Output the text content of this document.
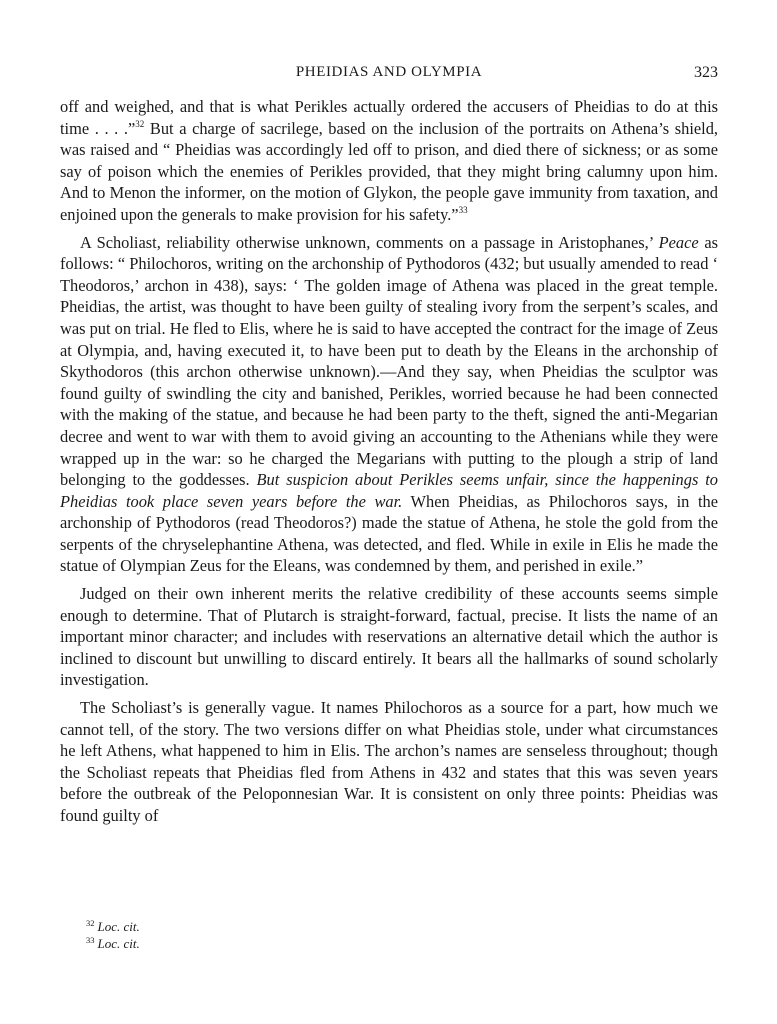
PHEIDIAS AND OLYMPIA	323

off and weighed, and that is what Perikles actually ordered the accusers of Pheidias to do at this time . . . .”$^{32}$ But a charge of sacrilege, based on the inclusion of the portraits on Athena’s shield, was raised and “ Pheidias was accordingly led off to prison, and died there of sickness; or as some say of poison which the enemies of Perikles provided, that they might bring calumny upon him. And to Menon the informer, on the motion of Glykon, the people gave immunity from taxation, and enjoined upon the generals to make provision for his safety.”$^{33}$

A Scholiast, reliability otherwise unknown, comments on a passage in Aristophanes,’ Peace as follows: “ Philochoros, writing on the archonship of Pythodoros (432; but usually amended to read ‘ Theodoros,’ archon in 438), says: ‘ The golden image of Athena was placed in the great temple. Pheidias, the artist, was thought to have been guilty of stealing ivory from the serpent’s scales, and was put on trial. He fled to Elis, where he is said to have accepted the contract for the image of Zeus at Olympia, and, having executed it, to have been put to death by the Eleans in the archonship of Skythodoros (this archon otherwise unknown).—And they say, when Pheidias the sculptor was found guilty of swindling the city and banished, Perikles, worried because he had been connected with the making of the statue, and because he had been party to the theft, signed the anti-Megarian decree and went to war with them to avoid giving an accounting to the Athenians while they were wrapped up in the war: so he charged the Megarians with putting to the plough a strip of land belonging to the goddesses. But suspicion about Perikles seems unfair, since the happenings to Pheidias took place seven years before the war. When Pheidias, as Philochoros says, in the archonship of Pythodoros (read Theodoros?) made the statue of Athena, he stole the gold from the serpents of the chryselephantine Athena, was detected, and fled. While in exile in Elis he made the statue of Olympian Zeus for the Eleans, was condemned by them, and perished in exile.”

Judged on their own inherent merits the relative credibility of these accounts seems simple enough to determine. That of Plutarch is straight-forward, factual, precise. It lists the name of an important minor character; and includes with reservations an alternative detail which the author is inclined to discount but unwilling to discard entirely. It bears all the hallmarks of sound scholarly investigation.

The Scholiast’s is generally vague. It names Philochoros as a source for a part, how much we cannot tell, of the story. The two versions differ on what Pheidias stole, under what circumstances he left Athens, what happened to him in Elis. The archon’s names are senseless throughout; though the Scholiast repeats that Pheidias fled from Athens in 432 and states that this was seven years before the outbreak of the Peloponnesian War. It is consistent on only three points: Pheidias was found guilty of

$^{32}$ Loc. cit.
$^{33}$ Loc. cit.
